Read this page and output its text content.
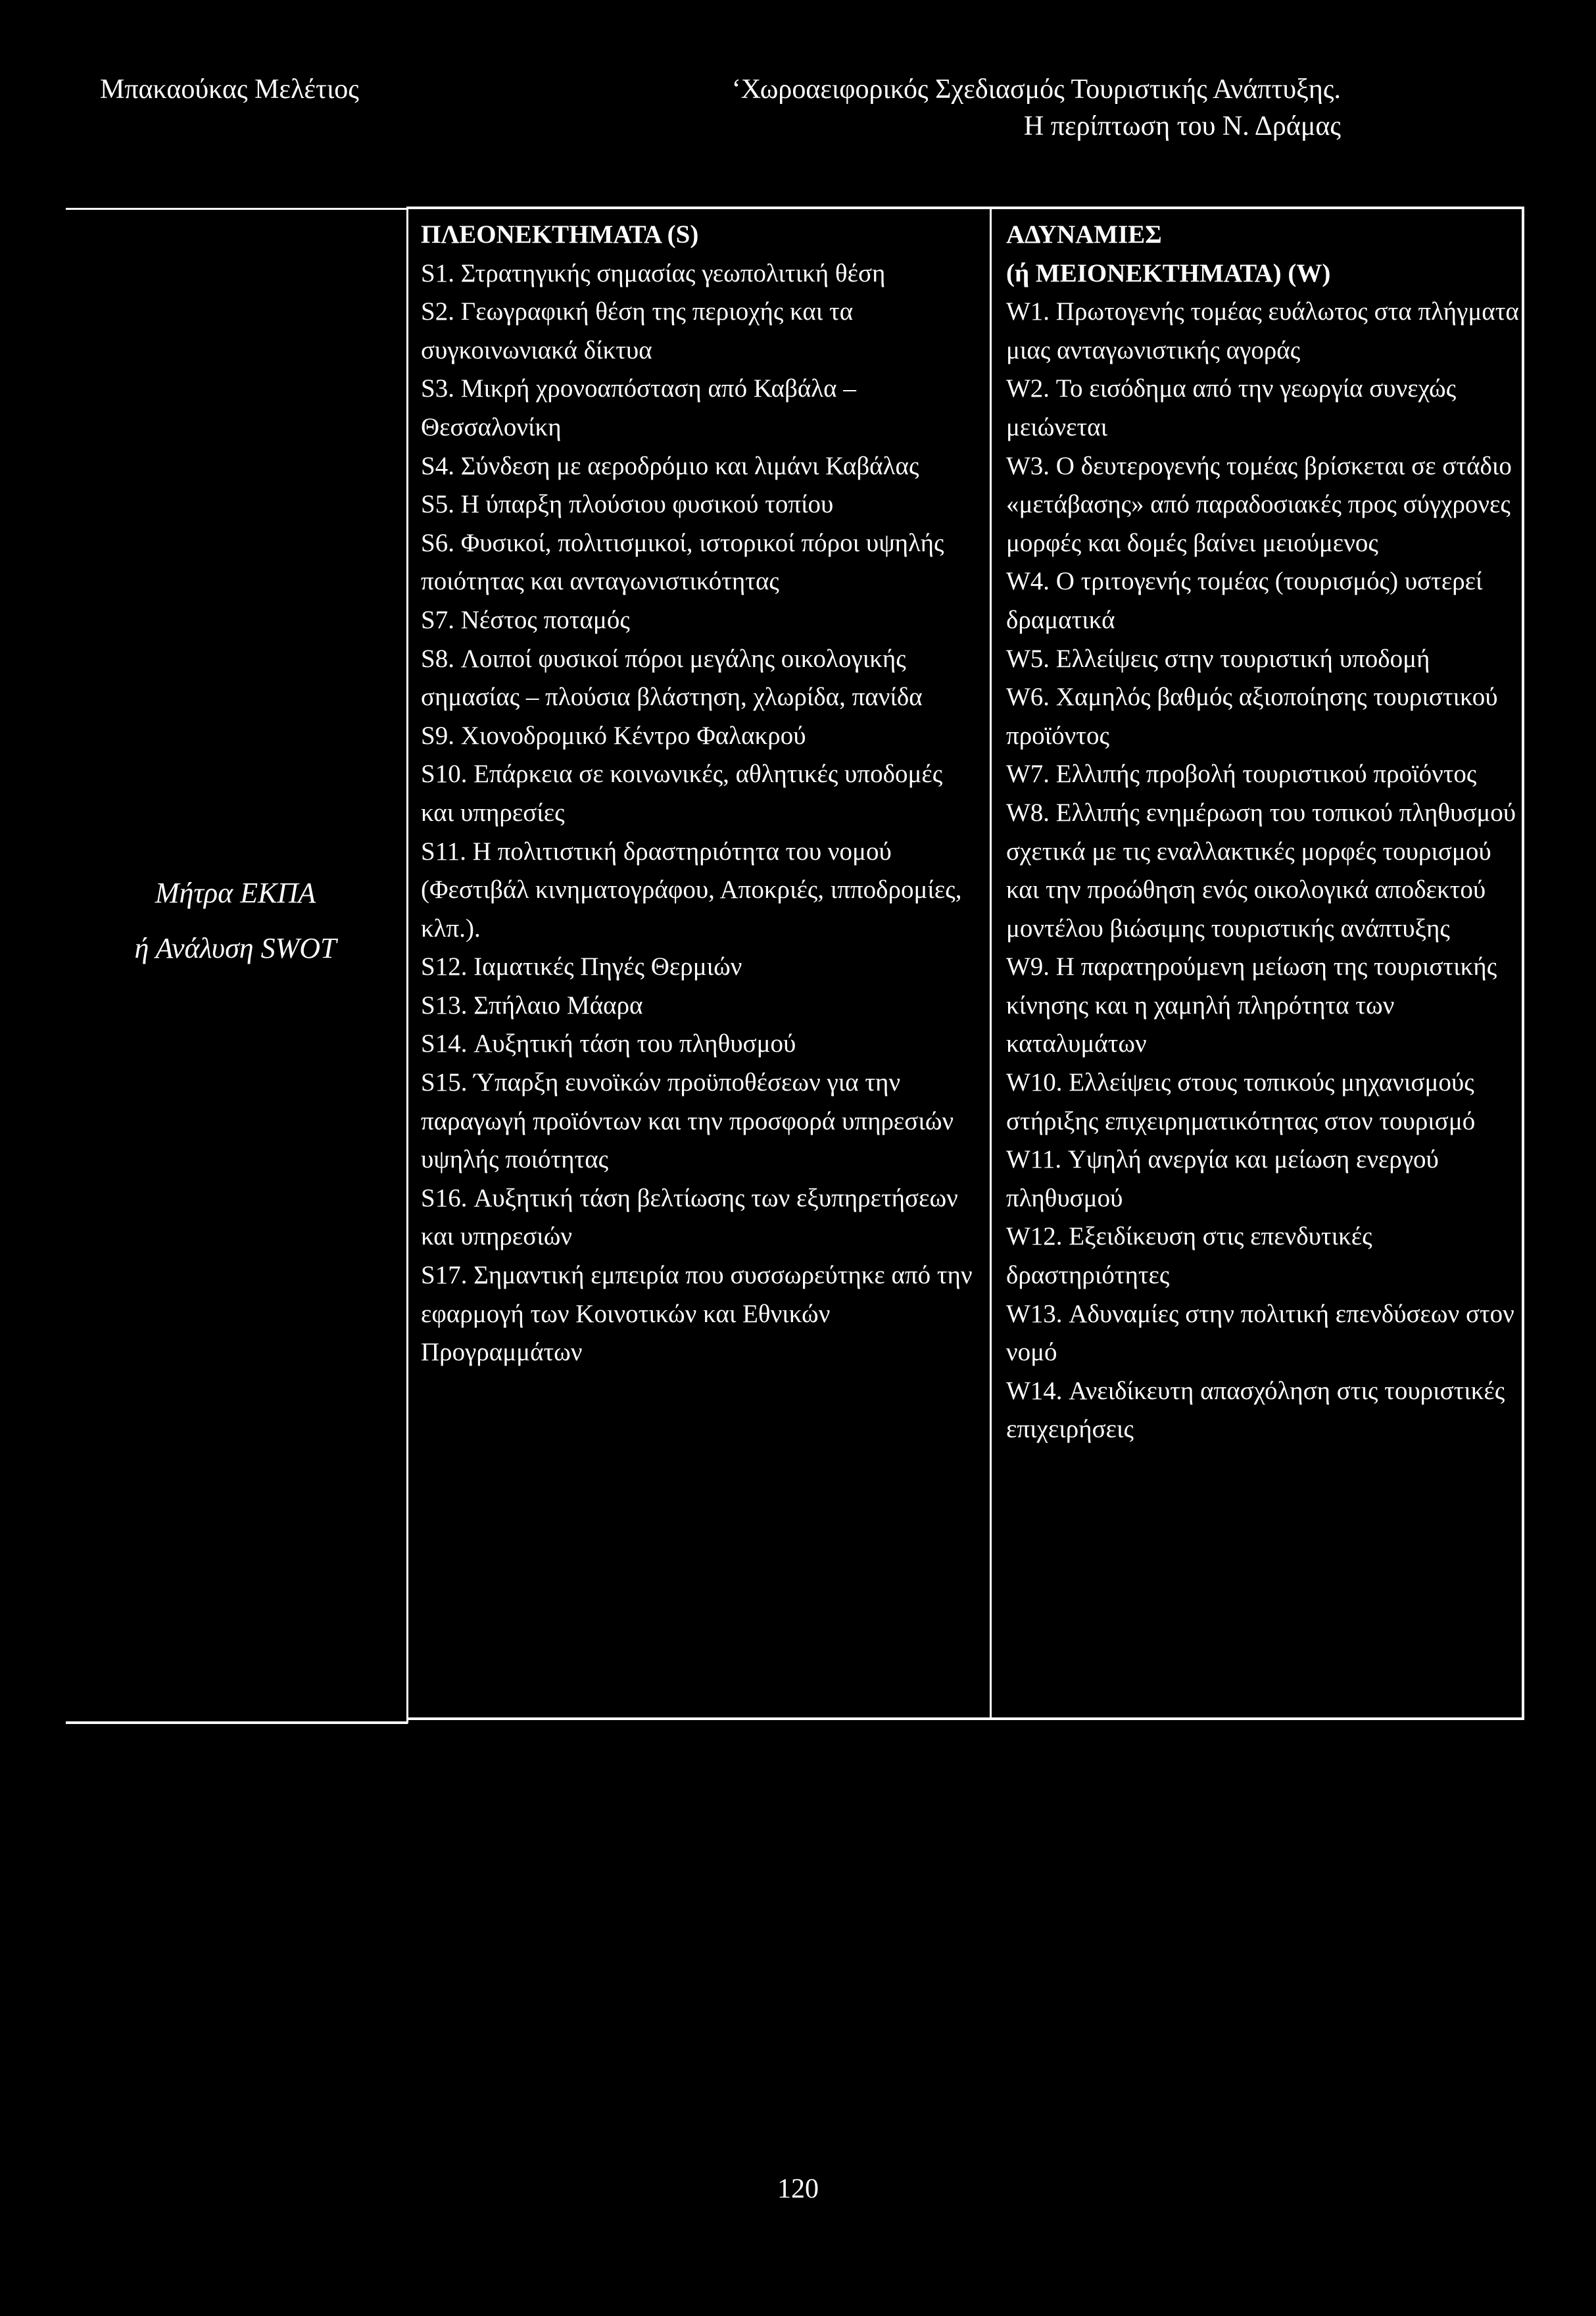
Μπακαούκας Μελέτιος	‘Χωροαειφορικός Σχεδιασμός Τουριστικής Ανάπτυξης.
Η περίπτωση του Ν. Δράμας
Μήτρα ΕΚΠΑ
ή Ανάλυση SWOT
ΠΛΕΟΝΕΚΤΗΜΑΤΑ (S)
S1. Στρατηγικής σημασίας γεωπολιτική θέση
S2. Γεωγραφική θέση της περιοχής και τα συγκοινωνιακά δίκτυα
S3. Μικρή χρονοαπόσταση από Καβάλα – Θεσσαλονίκη
S4. Σύνδεση με αεροδρόμιο και λιμάνι Καβάλας
S5. Η ύπαρξη πλούσιου φυσικού τοπίου
S6. Φυσικοί, πολιτισμικοί, ιστορικοί πόροι υψηλής ποιότητας και ανταγωνιστικότητας
S7. Νέστος ποταμός
S8. Λοιποί φυσικοί πόροι μεγάλης οικολογικής σημασίας – πλούσια βλάστηση, χλωρίδα, πανίδα
S9. Χιονοδρομικό Κέντρο Φαλακρού
S10. Επάρκεια σε κοινωνικές, αθλητικές υποδομές και υπηρεσίες
S11. Η πολιτιστική δραστηριότητα του νομού (Φεστιβάλ κινηματογράφου, Αποκριές, ιπποδρομίες, κλπ.).
S12. Ιαματικές Πηγές Θερμιών
S13. Σπήλαιο Μάαρα
S14. Αυξητική τάση του πληθυσμού
S15. Ύπαρξη ευνοϊκών προϋποθέσεων για την παραγωγή προϊόντων και την προσφορά υπηρεσιών υψηλής ποιότητας
S16. Αυξητική τάση βελτίωσης των εξυπηρετήσεων και υπηρεσιών
S17. Σημαντική εμπειρία που συσσωρεύτηκε από την εφαρμογή των Κοινοτικών και Εθνικών Προγραμμάτων
ΑΔΥΝΑΜΙΕΣ
(ή ΜΕΙΟΝΕΚΤΗΜΑΤΑ) (W)
W1. Πρωτογενής τομέας ευάλωτος στα πλήγματα μιας ανταγωνιστικής αγοράς
W2. Το εισόδημα από την γεωργία συνεχώς μειώνεται
W3. Ο δευτερογενής τομέας βρίσκεται σε στάδιο «μετάβασης» από παραδοσιακές προς σύγχρονες μορφές και δομές βαίνει μειούμενος
W4. Ο τριτογενής τομέας (τουρισμός) υστερεί δραματικά
W5. Ελλείψεις στην τουριστική υποδομή
W6. Χαμηλός βαθμός αξιοποίησης τουριστικού προϊόντος
W7. Ελλιπής προβολή τουριστικού προϊόντος
W8. Ελλιπής ενημέρωση του τοπικού πληθυσμού σχετικά με τις εναλλακτικές μορφές τουρισμού και την προώθηση ενός οικολογικά αποδεκτού μοντέλου βιώσιμης τουριστικής ανάπτυξης
W9. Η παρατηρούμενη μείωση της τουριστικής κίνησης και η χαμηλή πληρότητα των καταλυμάτων
W10. Ελλείψεις στους τοπικούς μηχανισμούς στήριξης επιχειρηματικότητας στον τουρισμό
W11. Υψηλή ανεργία και μείωση ενεργού πληθυσμού
W12. Εξειδίκευση στις επενδυτικές δραστηριότητες
W13. Αδυναμίες στην πολιτική επενδύσεων στον νομό
W14. Ανειδίκευτη απασχόληση στις τουριστικές επιχειρήσεις
120
